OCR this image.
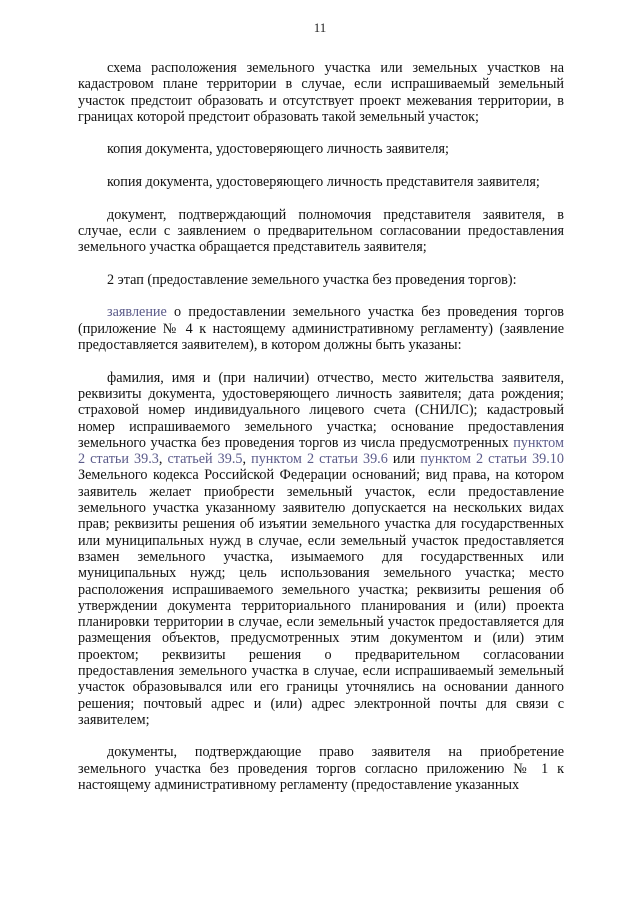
11

схема расположения земельного участка или земельных участков на кадастровом плане территории в случае, если испрашиваемый земельный участок предстоит образовать и отсутствует проект межевания территории, в границах которой предстоит образовать такой земельный участок;

копия документа, удостоверяющего личность заявителя;

копия документа, удостоверяющего личность представителя заявителя;

документ, подтверждающий полномочия представителя заявителя, в случае, если с заявлением о предварительном согласовании предоставления земельного участка обращается представитель заявителя;

2 этап (предоставление земельного участка без проведения торгов):

заявление о предоставлении земельного участка без проведения торгов (приложение № 4 к настоящему административному регламенту) (заявление предоставляется заявителем), в котором должны быть указаны:

фамилия, имя и (при наличии) отчество, место жительства заявителя, реквизиты документа, удостоверяющего личность заявителя; дата рождения; страховой номер индивидуального лицевого счета (СНИЛС); кадастровый номер испрашиваемого земельного участка; основание предоставления земельного участка без проведения торгов из числа предусмотренных пунктом 2 статьи 39.3, статьей 39.5, пунктом 2 статьи 39.6 или пунктом 2 статьи 39.10 Земельного кодекса Российской Федерации оснований; вид права, на котором заявитель желает приобрести земельный участок, если предоставление земельного участка указанному заявителю допускается на нескольких видах прав; реквизиты решения об изъятии земельного участка для государственных или муниципальных нужд в случае, если земельный участок предоставляется взамен земельного участка, изымаемого для государственных или муниципальных нужд; цель использования земельного участка; место расположения испрашиваемого земельного участка; реквизиты решения об утверждении документа территориального планирования и (или) проекта планировки территории в случае, если земельный участок предоставляется для размещения объектов, предусмотренных этим документом и (или) этим проектом; реквизиты решения о предварительном согласовании предоставления земельного участка в случае, если испрашиваемый земельный участок образовывался или его границы уточнялись на основании данного решения; почтовый адрес и (или) адрес электронной почты для связи с заявителем;

документы, подтверждающие право заявителя на приобретение земельного участка без проведения торгов согласно приложению № 1 к настоящему административному регламенту (предоставление указанных
